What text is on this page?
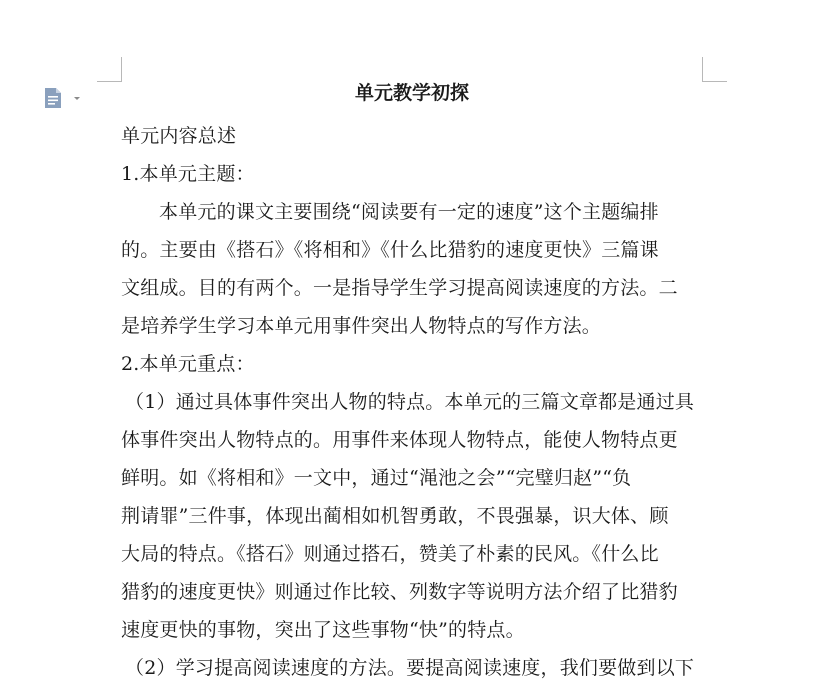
单元教学初探
单元内容总述
1.本单元主题：
本单元的课文主要围绕“阅读要有一定的速度”这个主题编排
的。主要由《搭石》《将相和》《什么比猎豹的速度更快》三篇课
文组成。目的有两个。一是指导学生学习提高阅读速度的方法。二
是培养学生学习本单元用事件突出人物特点的写作方法。
2.本单元重点：
（1）通过具体事件突出人物的特点。本单元的三篇文章都是通过具
体事件突出人物特点的。用事件来体现人物特点，能使人物特点更
鲜明。如《将相和》一文中，通过“渑池之会”“完璧归赵”“负
荆请罪”三件事，体现出蔺相如机智勇敢，不畏强暴，识大体、顾
大局的特点。《搭石》则通过搭石，赞美了朴素的民风。《什么比
猎豹的速度更快》则通过作比较、列数字等说明方法介绍了比猎豹
速度更快的事物，突出了这些事物“快”的特点。
（2）学习提高阅读速度的方法。要提高阅读速度，我们要做到以下
